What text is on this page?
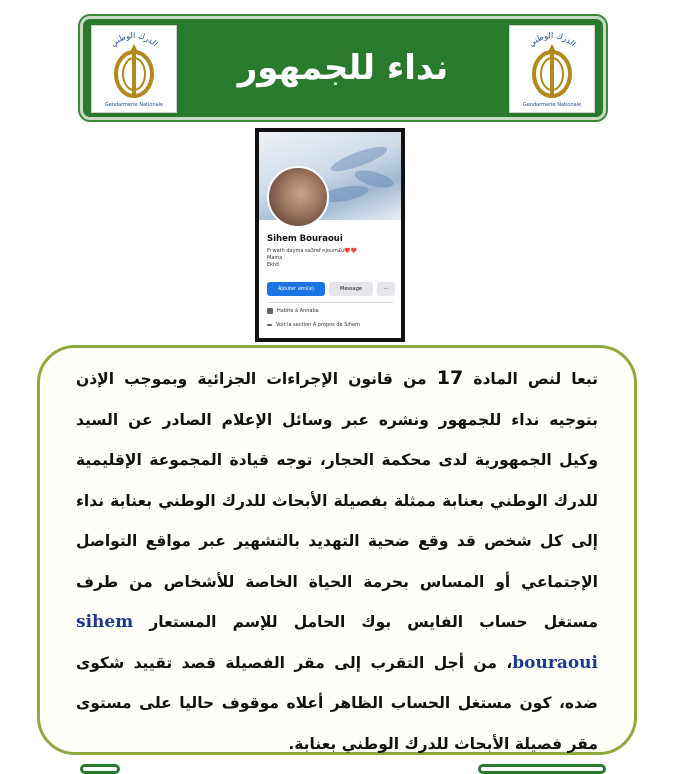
الدرك الوطني
Gendarmerie Nationale
نداء للجمهور
الدرك الوطني
Gendarmerie Nationale
Sihem Bouraoui
Fi wath dayma sa3ref njoum£ù❤️❤️
Mama
Ekhti
Ajouter ami(e)	Message	···
Habite à Annaba
Voir la section À propos de Sihem
تبعا لنص المادة 17 من قانون الإجراءات الجزائية وبموجب الإذن بتوجيه نداء للجمهور ونشره عبر وسائل الإعلام الصادر عن السيد وكيل الجمهورية لدى محكمة الحجار، توجه قيادة المجموعة الإقليمية للدرك الوطني بعنابة ممثلة بفصيلة الأبحاث للدرك الوطني بعنابة نداء إلى كل شخص قد وقع ضحية التهديد بالتشهير عبر مواقع التواصل الإجتماعي أو المساس بحرمة الحياة الخاصة للأشخاص من طرف مستغل حساب الفايس بوك الحامل للإسم المستعار sihem bouraoui، من أجل التقرب إلى مقر الفصيلة قصد تقييد شكوى ضده، كون مستغل الحساب الظاهر أعلاه موقوف حاليا على مستوى مقر فصيلة الأبحاث للدرك الوطني بعنابة.
